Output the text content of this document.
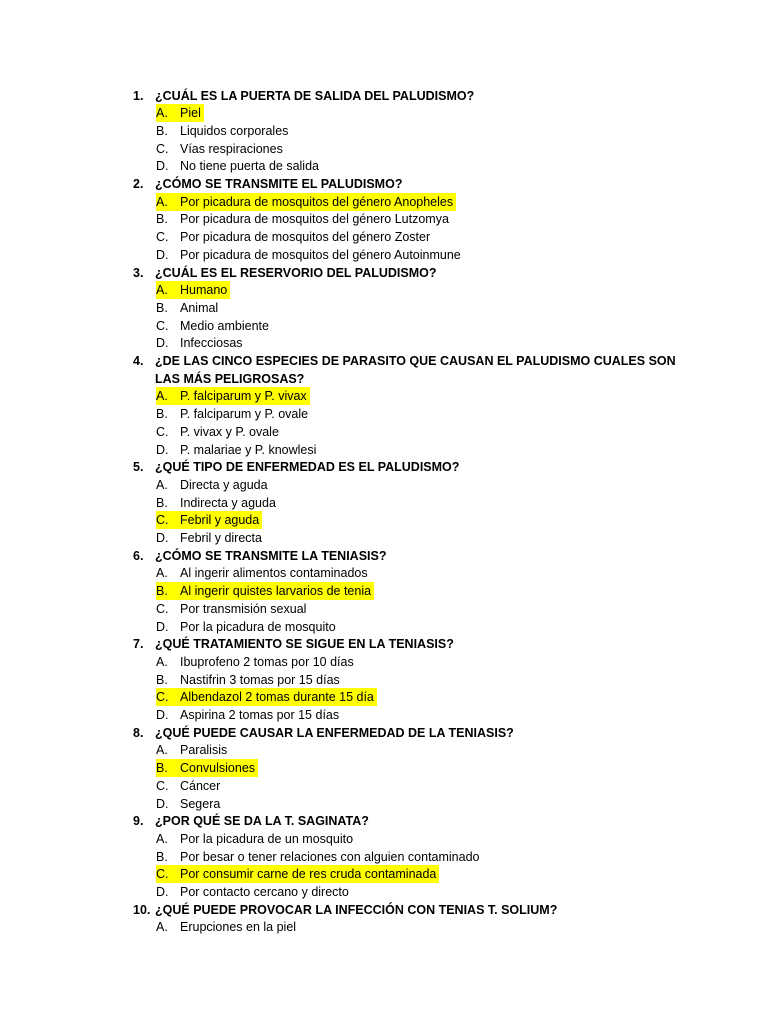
1. ¿CUÁL ES LA PUERTA DE SALIDA DEL PALUDISMO?
A. Piel
B. Liquidos corporales
C. Vías respiraciones
D. No tiene puerta de salida
2. ¿CÓMO SE TRANSMITE EL PALUDISMO?
A. Por picadura de mosquitos del género Anopheles
B. Por picadura de mosquitos del género Lutzomya
C. Por picadura de mosquitos del género Zoster
D. Por picadura de mosquitos del género Autoinmune
3. ¿CUÁL ES EL RESERVORIO DEL PALUDISMO?
A. Humano
B. Animal
C. Medio ambiente
D. Infecciosas
4. ¿DE LAS CINCO ESPECIES DE PARASITO QUE CAUSAN EL PALUDISMO CUALES SON
LAS MÁS PELIGROSAS?
A. P. falciparum y P. vivax
B. P. falciparum y P. ovale
C. P. vivax y P. ovale
D. P. malariae y P. knowlesi
5. ¿QUÉ TIPO DE ENFERMEDAD ES EL PALUDISMO?
A. Directa y aguda
B. Indirecta y aguda
C. Febril y aguda
D. Febril y directa
6. ¿CÓMO SE TRANSMITE LA TENIASIS?
A. Al ingerir alimentos contaminados
B. Al ingerir quistes larvarios de tenia
C. Por transmisión sexual
D. Por la picadura de mosquito
7. ¿QUÉ TRATAMIENTO SE SIGUE EN LA TENIASIS?
A. Ibuprofeno 2 tomas por 10 días
B. Nastifrin 3 tomas por 15 días
C. Albendazol 2 tomas durante 15 día
D. Aspirina 2 tomas por 15 días
8. ¿QUÉ PUEDE CAUSAR LA ENFERMEDAD DE LA TENIASIS?
A. Paralisis
B. Convulsiones
C. Cáncer
D. Segera
9. ¿POR QUÉ SE DA LA T. SAGINATA?
A. Por la picadura de un mosquito
B. Por besar o tener relaciones con alguien contaminado
C. Por consumir carne de res cruda contaminada
D. Por contacto cercano y directo
10. ¿QUÉ PUEDE PROVOCAR LA INFECCIÓN CON TENIAS T. SOLIUM?
A. Erupciones en la piel
